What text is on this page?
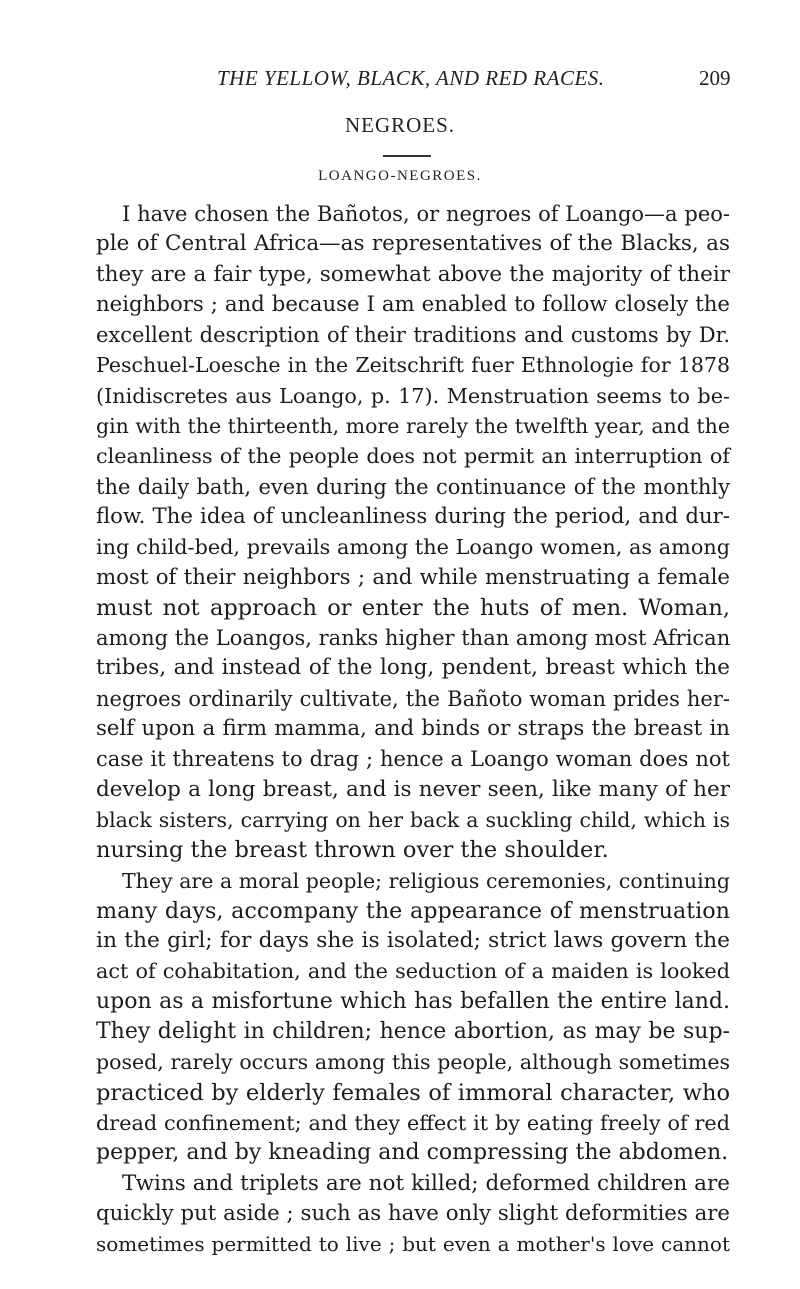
THE YELLOW, BLACK, AND RED RACES.	209
NEGROES.
LOANGO-NEGROES.
I have chosen the Bañotos, or negroes of Loango—a peo-
ple of Central Africa—as representatives of the Blacks, as
they are a fair type, somewhat above the majority of their
neighbors ; and because I am enabled to follow closely the
excellent description of their traditions and customs by Dr.
Peschuel-Loesche in the Zeitschrift fuer Ethnologie for 1878
(Inidiscretes aus Loango, p. 17). Menstruation seems to be-
gin with the thirteenth, more rarely the twelfth year, and the
cleanliness of the people does not permit an interruption of
the daily bath, even during the continuance of the monthly
flow. The idea of uncleanliness during the period, and dur-
ing child-bed, prevails among the Loango women, as among
most of their neighbors ; and while menstruating a female
must not approach or enter the huts of men. Woman,
among the Loangos, ranks higher than among most African
tribes, and instead of the long, pendent, breast which the
negroes ordinarily cultivate, the Bañoto woman prides her-
self upon a firm mamma, and binds or straps the breast in
case it threatens to drag ; hence a Loango woman does not
develop a long breast, and is never seen, like many of her
black sisters, carrying on her back a suckling child, which is
nursing the breast thrown over the shoulder.
They are a moral people; religious ceremonies, continuing
many days, accompany the appearance of menstruation
in the girl; for days she is isolated; strict laws govern the
act of cohabitation, and the seduction of a maiden is looked
upon as a misfortune which has befallen the entire land.
They delight in children; hence abortion, as may be sup-
posed, rarely occurs among this people, although sometimes
practiced by elderly females of immoral character, who
dread confinement; and they effect it by eating freely of red
pepper, and by kneading and compressing the abdomen.
Twins and triplets are not killed; deformed children are
quickly put aside ; such as have only slight deformities are
sometimes permitted to live ; but even a mother's love cannot
